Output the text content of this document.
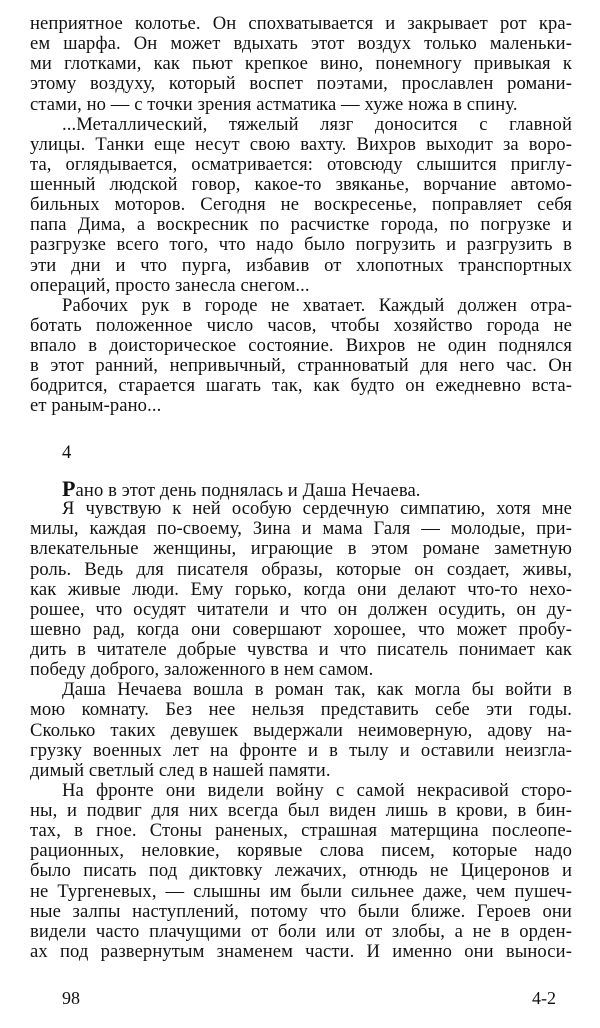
неприятное колотье. Он спохватывается и закрывает рот кра-
ем шарфа. Он может вдыхать этот воздух только маленьки-
ми глотками, как пьют крепкое вино, понемногу привыкая к
этому воздуху, который воспет поэтами, прославлен романи-
стами, но — с точки зрения астматика — хуже ножа в спину.
...Металлический, тяжелый лязг доносится с главной
улицы. Танки еще несут свою вахту. Вихров выходит за воро-
та, оглядывается, осматривается: отовсюду слышится приглу-
шенный людской говор, какое-то звяканье, ворчание автомо-
бильных моторов. Сегодня не воскресенье, поправляет себя
папа Дима, а воскресник по расчистке города, по погрузке и
разгрузке всего того, что надо было погрузить и разгрузить в
эти дни и что пурга, избавив от хлопотных транспортных
операций, просто занесла снегом...
Рабочих рук в городе не хватает. Каждый должен отра-
ботать положенное число часов, чтобы хозяйство города не
впало в доисторическое состояние. Вихров не один поднялся
в этот ранний, непривычный, странноватый для него час. Он
бодрится, старается шагать так, как будто он ежедневно вста-
ет раным-рано...
4
Рано в этот день поднялась и Даша Нечаева.
Я чувствую к ней особую сердечную симпатию, хотя мне
милы, каждая по-своему, Зина и мама Галя — молодые, при-
влекательные женщины, играющие в этом романе заметную
роль. Ведь для писателя образы, которые он создает, живы,
как живые люди. Ему горько, когда они делают что-то нехо-
рошее, что осудят читатели и что он должен осудить, он ду-
шевно рад, когда они совершают хорошее, что может пробу-
дить в читателе добрые чувства и что писатель понимает как
победу доброго, заложенного в нем самом.
Даша Нечаева вошла в роман так, как могла бы войти в
мою комнату. Без нее нельзя представить себе эти годы.
Сколько таких девушек выдержали неимоверную, адову на-
грузку военных лет на фронте и в тылу и оставили неизгла-
димый светлый след в нашей памяти.
На фронте они видели войну с самой некрасивой сторо-
ны, и подвиг для них всегда был виден лишь в крови, в бин-
тах, в гное. Стоны раненых, страшная матерщина послеопе-
рационных, неловкие, корявые слова писем, которые надо
было писать под диктовку лежачих, отнюдь не Цицеронов и
не Тургеневых, — слышны им были сильнее даже, чем пушеч-
ные залпы наступлений, потому что были ближе. Героев они
видели часто плачущими от боли или от злобы, а не в орден-
ах под развернутым знаменем части. И именно они выноси-
98	4-2
